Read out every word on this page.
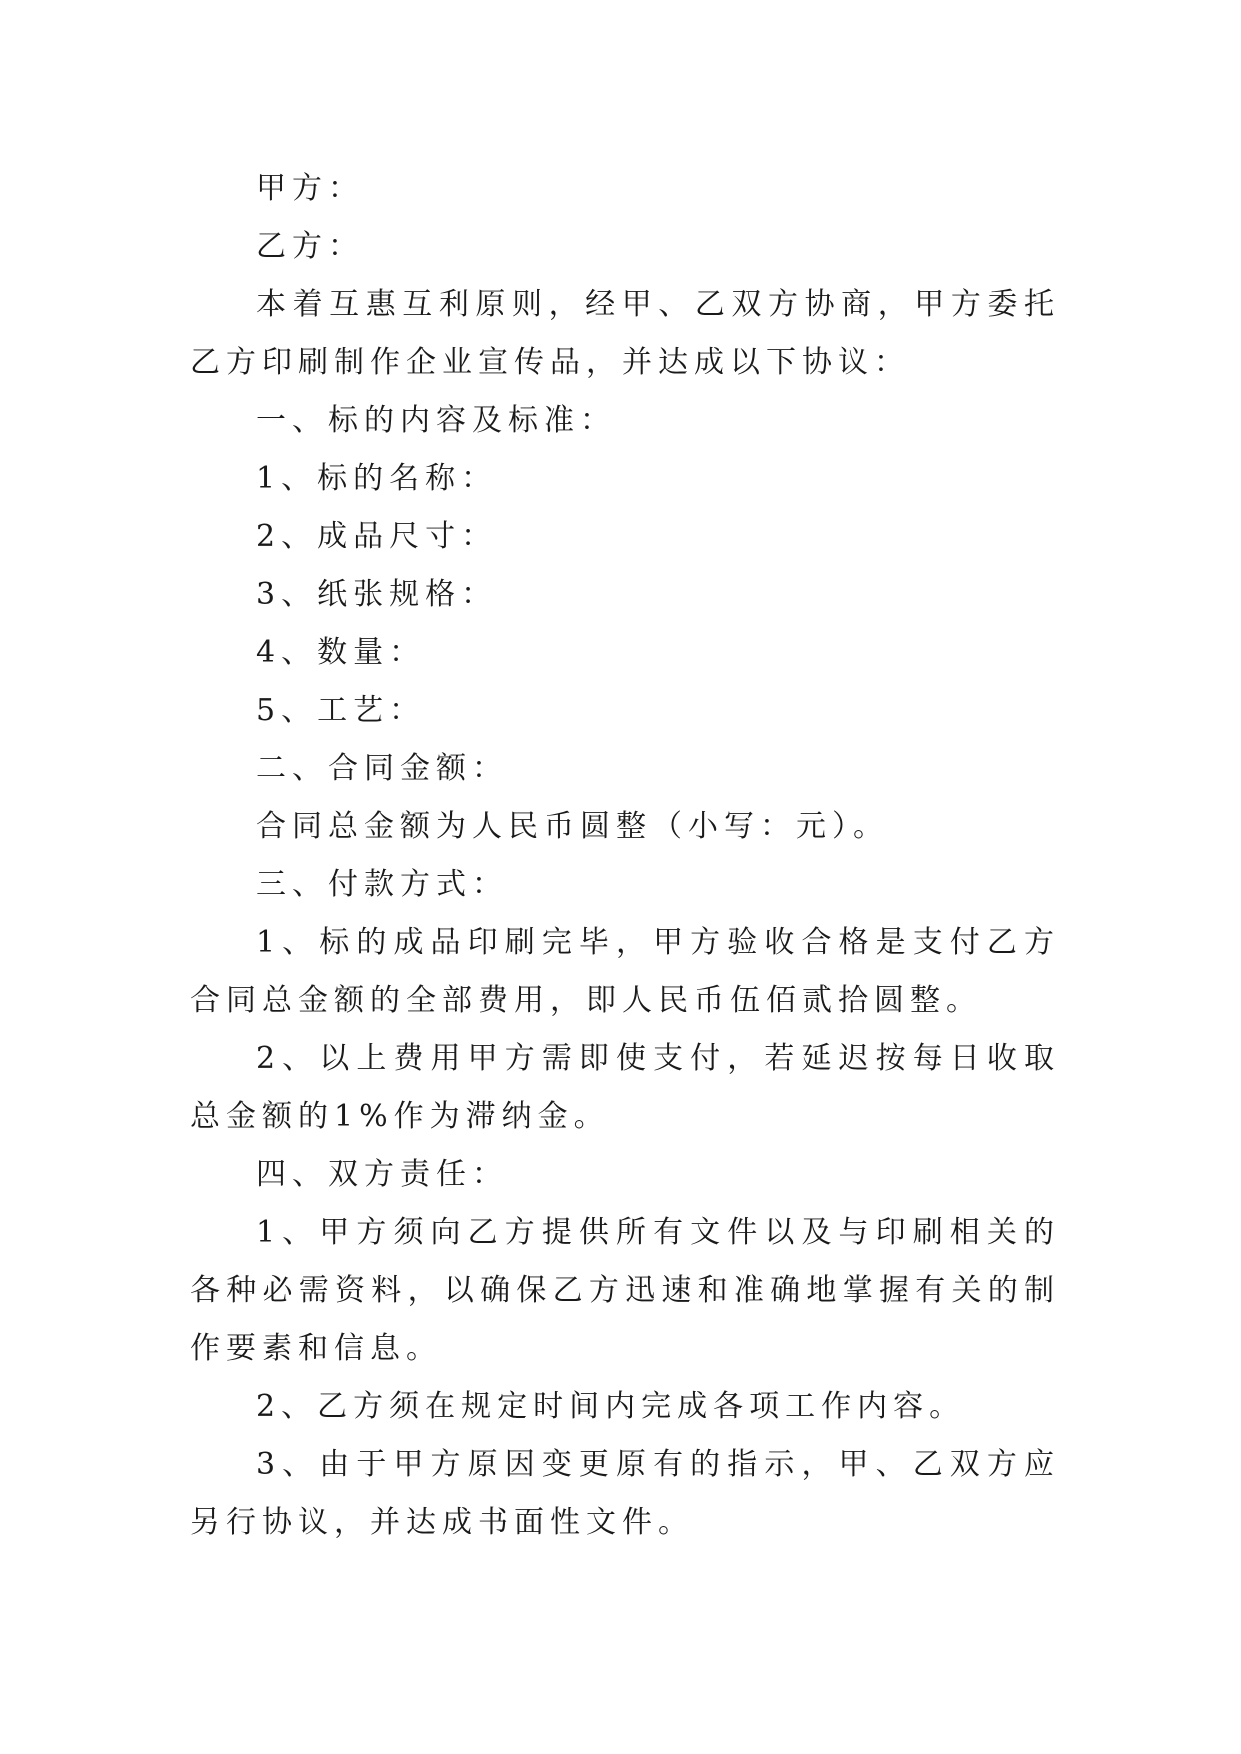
甲方：

乙方：

本着互惠互利原则，经甲、乙双方协商，甲方委托乙方印刷制作企业宣传品，并达成以下协议：

一、标的内容及标准：

1、标的名称：

2、成品尺寸：

3、纸张规格：

4、数量：

5、工艺：

二、合同金额：

合同总金额为人民币圆整（小写：元）。

三、付款方式：

1、标的成品印刷完毕，甲方验收合格是支付乙方合同总金额的全部费用，即人民币伍佰贰拾圆整。

2、以上费用甲方需即使支付，若延迟按每日收取总金额的1%作为滞纳金。

四、双方责任：

1、甲方须向乙方提供所有文件以及与印刷相关的各种必需资料，以确保乙方迅速和准确地掌握有关的制作要素和信息。

2、乙方须在规定时间内完成各项工作内容。

3、由于甲方原因变更原有的指示，甲、乙双方应另行协议，并达成书面性文件。
